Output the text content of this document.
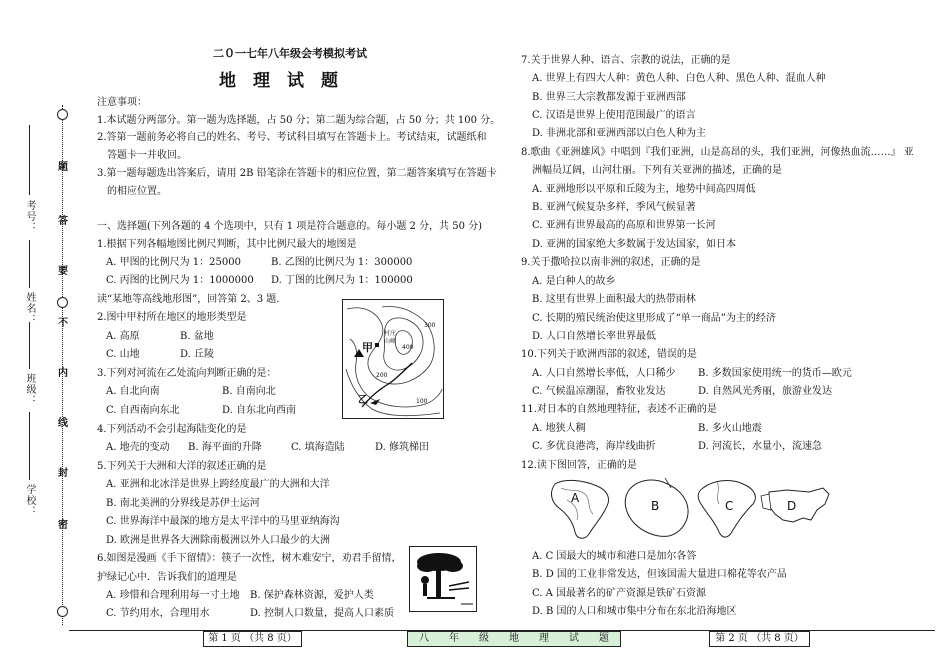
题
答
要
不
内
线
封
密
考号：
姓名：
班级：
学校：
二０一七年八年级会考模拟考试
地　理　试　题
注意事项：
1.本试题分两部分。第一题为选择题，占 50 分；第二题为综合题，占 50 分；共 100 分。
2.答第一题前务必将自己的姓名、考号、考试科目填写在答题卡上。考试结束，试题纸和
答题卡一并收回。
3.第一题每题选出答案后，请用 2B 铅笔涂在答题卡的相应位置，第二题答案填写在答题卡
的相应位置。
一、选择题(下列各题的 4 个选项中，只有 1 项是符合题意的。每小题 2 分，共 50 分)
1.根据下列各幅地图比例尺判断，其中比例尺最大的地图是
A. 甲图的比例尺为 1：25000	B. 乙图的比例尺为 1：300000
C. 丙图的比例尺为 1：1000000 D. 丁图的比例尺为 1：100000
读“某地等高线地形图”，回答第 2、3 题.
2.图中甲村所在地区的地形类型是
A. 高原	B. 盆地
C. 山地	D. 丘陵
3.下列对河流在乙处流向判断正确的是：
A. 自北向南	B. 自南向北
C. 自西南向东北	D. 自东北向西南
甲
村庄
山峰
乙
400
300
200
100
4.下列活动不会引起海陆变化的是
A. 地壳的变动 B. 海平面的升降	C. 填海造陆	D. 修筑梯田
5.下列关于大洲和大洋的叙述正确的是
A. 亚洲和北冰洋是世界上跨经度最广的大洲和大洋
B. 南北美洲的分界线是苏伊士运河
C. 世界海洋中最深的地方是太平洋中的马里亚纳海沟
D. 欧洲是世界各大洲除南极洲以外人口最少的大洲
6.如图是漫画《手下留情》：筷子一次性，树木难安宁，劝君手留情，
护绿记心中．告诉我们的道理是
A. 珍惜和合理利用每一寸土地 B. 保护森林资源，爱护人类
C. 节约用水，合理用水	D. 控制人口数量，提高人口素质
7.关于世界人种、语言、宗教的说法，正确的是
A. 世界上有四大人种：黄色人种、白色人种、黑色人种、混血人种
B. 世界三大宗教都发源于亚洲西部
C. 汉语是世界上使用范围最广的语言
D. 非洲北部和亚洲西部以白色人种为主
8.歌曲《亚洲雄风》中唱到『我们亚洲，山是高昂的头，我们亚洲，河像热血流……』 亚
洲幅员辽阔，山河壮丽。下列有关亚洲的描述，正确的是
A. 亚洲地形以平原和丘陵为主，地势中间高四周低
B. 亚洲气候复杂多样，季风气候显著
C. 亚洲有世界最高的高原和世界第一长河
D. 亚洲的国家绝大多数属于发达国家，如日本
9.关于撒哈拉以南非洲的叙述，正确的是
A. 是白种人的故乡
B. 这里有世界上面积最大的热带雨林
C. 长期的殖民统治使这里形成了“单一商品”为主的经济
D. 人口自然增长率世界最低
10.下列关于欧洲西部的叙述，错误的是
A. 人口自然增长率低，人口稀少 B. 多数国家使用统一的货币—欧元
C. 气候温凉潮湿，畜牧业发达	D. 自然风光秀丽，旅游业发达
11.对日本的自然地理特征，表述不正确的是
A. 地狭人稠	B. 多火山地震
C. 多优良港湾，海岸线曲折	D. 河流长，水量小，流速急
12.读下图回答，正确的是
A
B	C	D
A. C 国最大的城市和港口是加尔各答
B. D 国的工业非常发达，但该国需大量进口棉花等农产品
C. A 国最著名的矿产资源是铁矿石资源
D. B 国的人口和城市集中分布在东北沿海地区
第 1 页 （共 8 页）	八　　年　　级　　地　　理　　试　　题	第 2 页 （共 8 页）
